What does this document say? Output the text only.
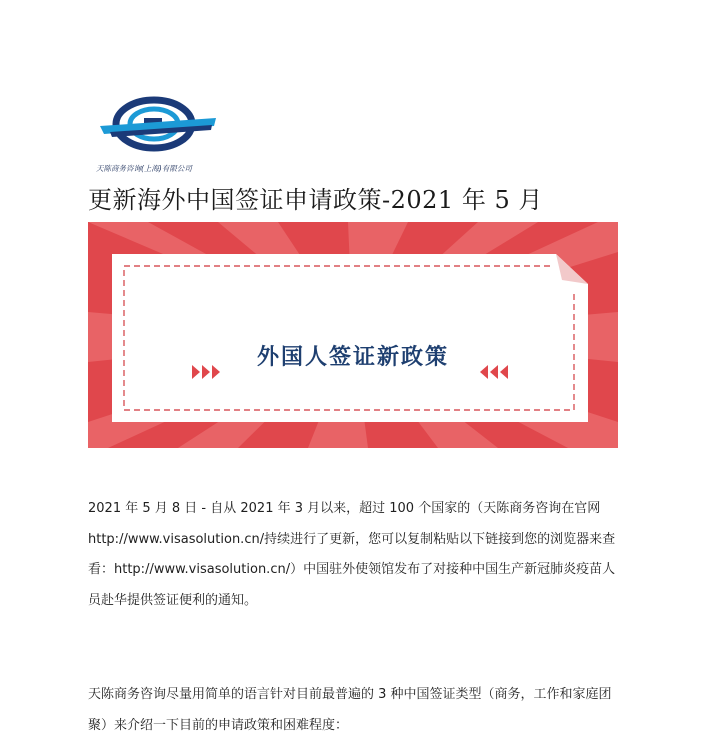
天陈商务咨询(上海)有限公司
更新海外中国签证申请政策-2021 年 5 月
外国人签证新政策
2021 年 5 月 8 日 - 自从 2021 年 3 月以来，超过 100 个国家的（天陈商务咨询在官网 http://www.visasolution.cn/持续进行了更新，您可以复制粘贴以下链接到您的浏览器来查看：http://www.visasolution.cn/）中国驻外使领馆发布了对接种中国生产新冠肺炎疫苗人员赴华提供签证便利的通知。
天陈商务咨询尽量用简单的语言针对目前最普遍的 3 种中国签证类型（商务，工作和家庭团聚）来介绍一下目前的申请政策和困难程度：
